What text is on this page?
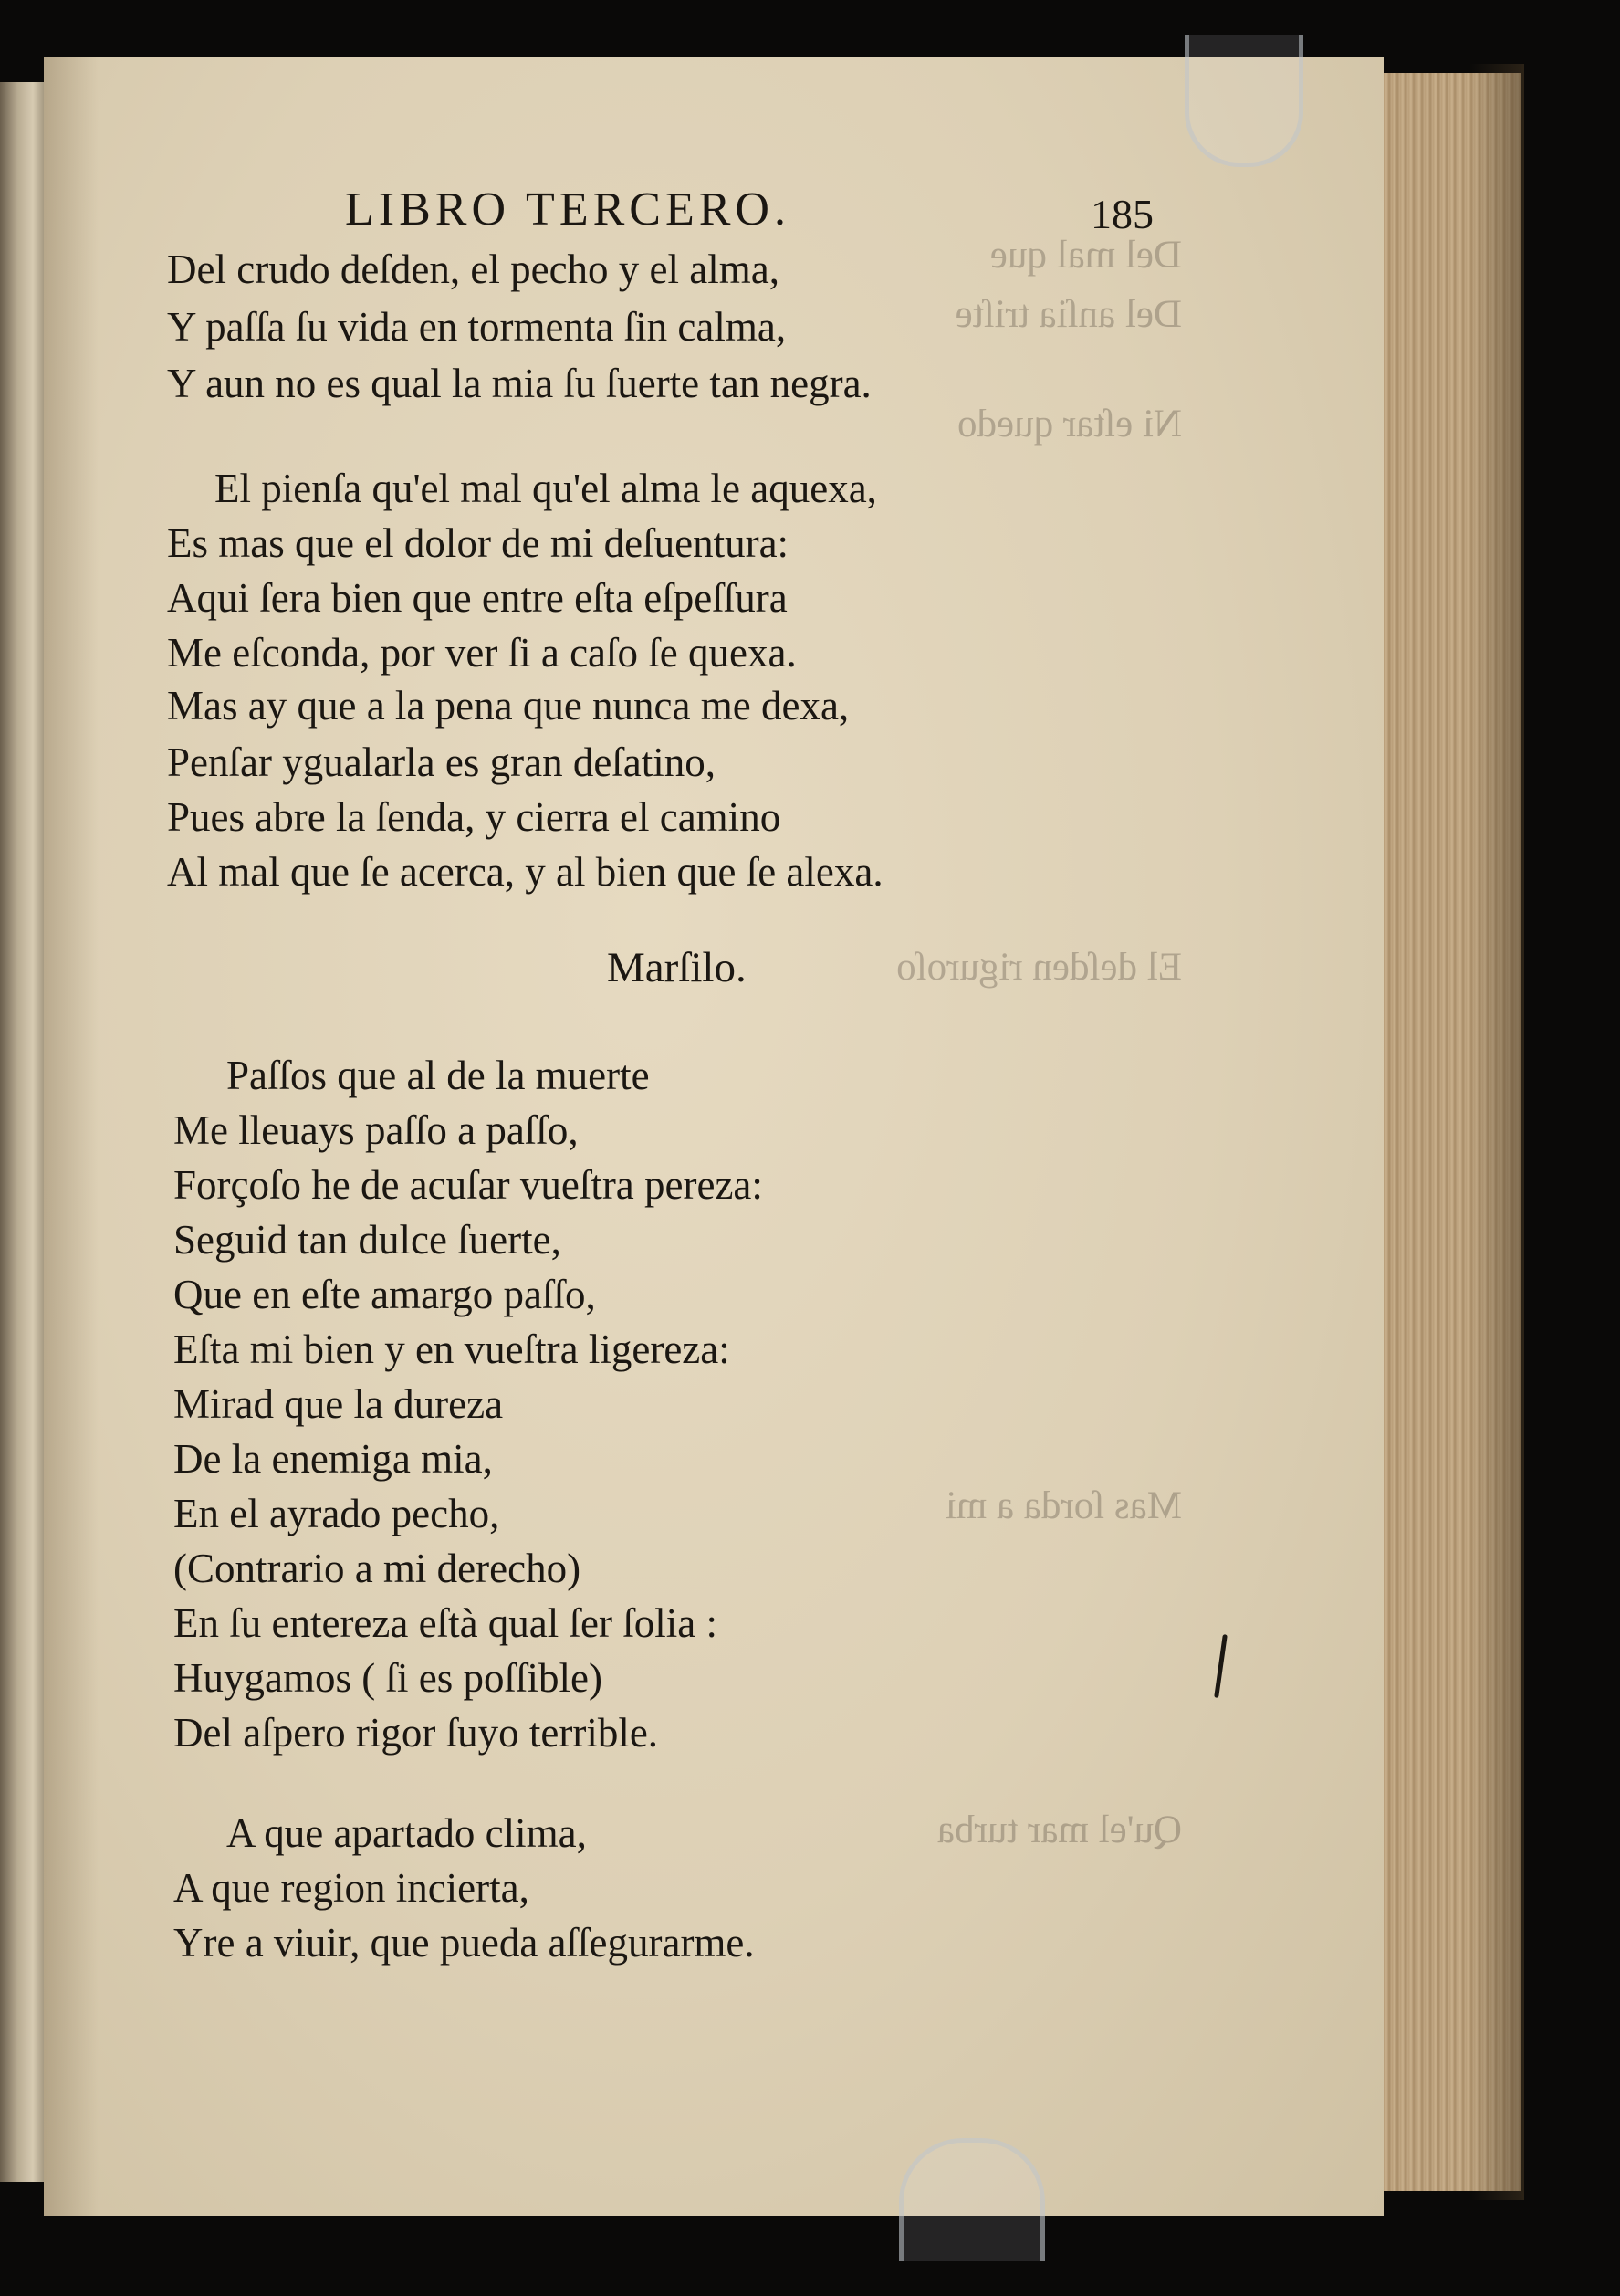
Del mal que
Del anſia triſte
Ni eſtar quedo
El deſden riguroſo
Mas ſorda a mi
Qu'el mar turba
LIBRO TERCERO.	185
Del crudo deſden, el pecho y el alma,
Y paſſa ſu vida en tormenta ſin calma,
Y aun no es qual la mia ſu ſuerte tan negra.
El pienſa qu'el mal qu'el alma le aquexa,
Es mas que el dolor de mi deſuentura:
Aqui ſera bien que entre eſta eſpeſſura
Me eſconda, por ver ſi a caſo ſe quexa.
Mas ay que a la pena que nunca me dexa,
Penſar ygualarla es gran deſatino,
Pues abre la ſenda, y cierra el camino
Al mal que ſe acerca, y al bien que ſe alexa.
Marſilo.
Paſſos que al de la muerte
Me lleuays paſſo a paſſo,
Forçoſo he de acuſar vueſtra pereza:
Seguid tan dulce ſuerte,
Que en eſte amargo paſſo,
Eſta mi bien y en vueſtra ligereza:
Mirad que la dureza
De la enemiga mia,
En el ayrado pecho,
(Contrario a mi derecho)
En ſu entereza eſtà qual ſer ſolia :
Huygamos ( ſi es poſſible)
Del aſpero rigor ſuyo terrible.
A que apartado clima,
A que region incierta,
Yre a viuir, que pueda aſſegurarme.
